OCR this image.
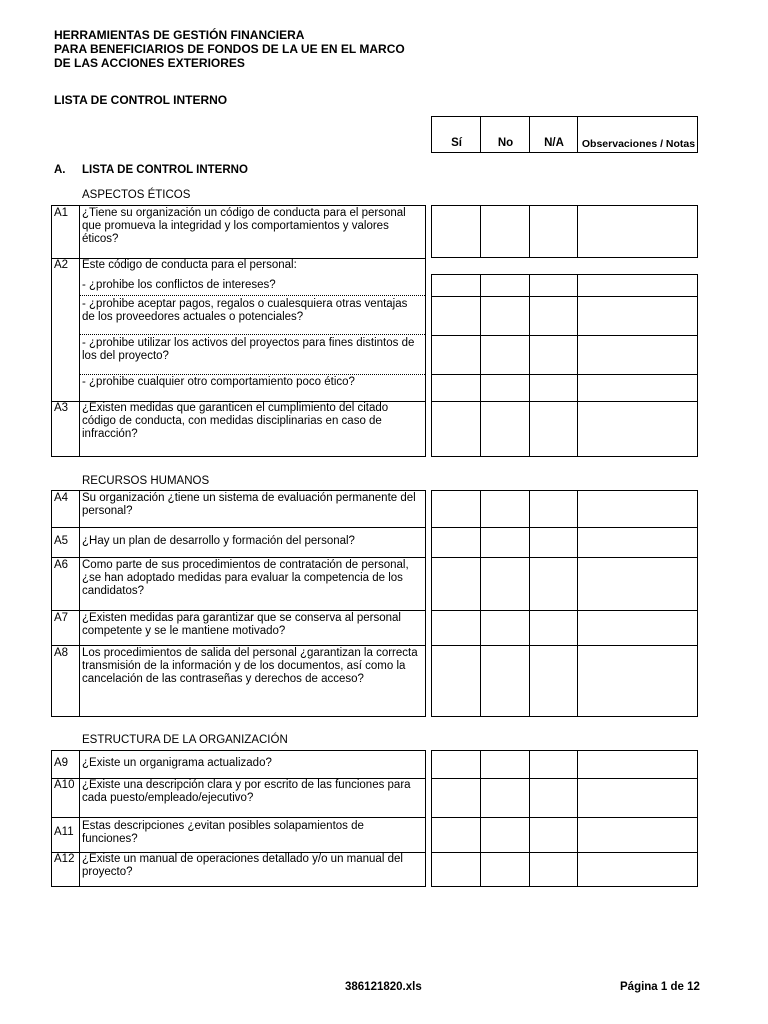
HERRAMIENTAS DE GESTIÓN FINANCIERA
PARA BENEFICIARIOS DE FONDOS DE LA UE EN EL MARCO
DE LAS ACCIONES EXTERIORES
LISTA DE CONTROL INTERNO
Sí	No	N/A	Observaciones / Notas
A. LISTA DE CONTROL INTERNO
ASPECTOS ÉTICOS
A1 ¿Tiene su organización un código de conducta para el personal que promueva la integridad y los comportamientos y valores éticos?
A2 Este código de conducta para el personal:
- ¿prohibe los conflictos de intereses?
- ¿prohibe aceptar pagos, regalos o cualesquiera otras ventajas de los proveedores actuales o potenciales?
- ¿prohibe utilizar los activos del proyectos para fines distintos de los del proyecto?
- ¿prohibe cualquier otro comportamiento poco ético?
A3 ¿Existen medidas que garanticen el cumplimiento del citado código de conducta, con medidas disciplinarias en caso de infracción?
RECURSOS HUMANOS
A4 Su organización ¿tiene un sistema de evaluación permanente del personal?
A5 ¿Hay un plan de desarrollo y formación del personal?
A6 Como parte de sus procedimientos de contratación de personal, ¿se han adoptado medidas para evaluar la competencia de los candidatos?
A7 ¿Existen medidas para garantizar que se conserva al personal competente y se le mantiene motivado?
A8 Los procedimientos de salida del personal ¿garantizan la correcta transmisión de la información y de los documentos, así como la cancelación de las contraseñas y derechos de acceso?
ESTRUCTURA DE LA ORGANIZACIÓN
A9 ¿Existe un organigrama actualizado?
A10 ¿Existe una descripción clara y por escrito de las funciones para cada puesto/empleado/ejecutivo?
A11 Estas descripciones ¿evitan posibles solapamientos de funciones?
A12 ¿Existe un manual de operaciones detallado y/o un manual del proyecto?
386121820.xls	Página 1 de 12
